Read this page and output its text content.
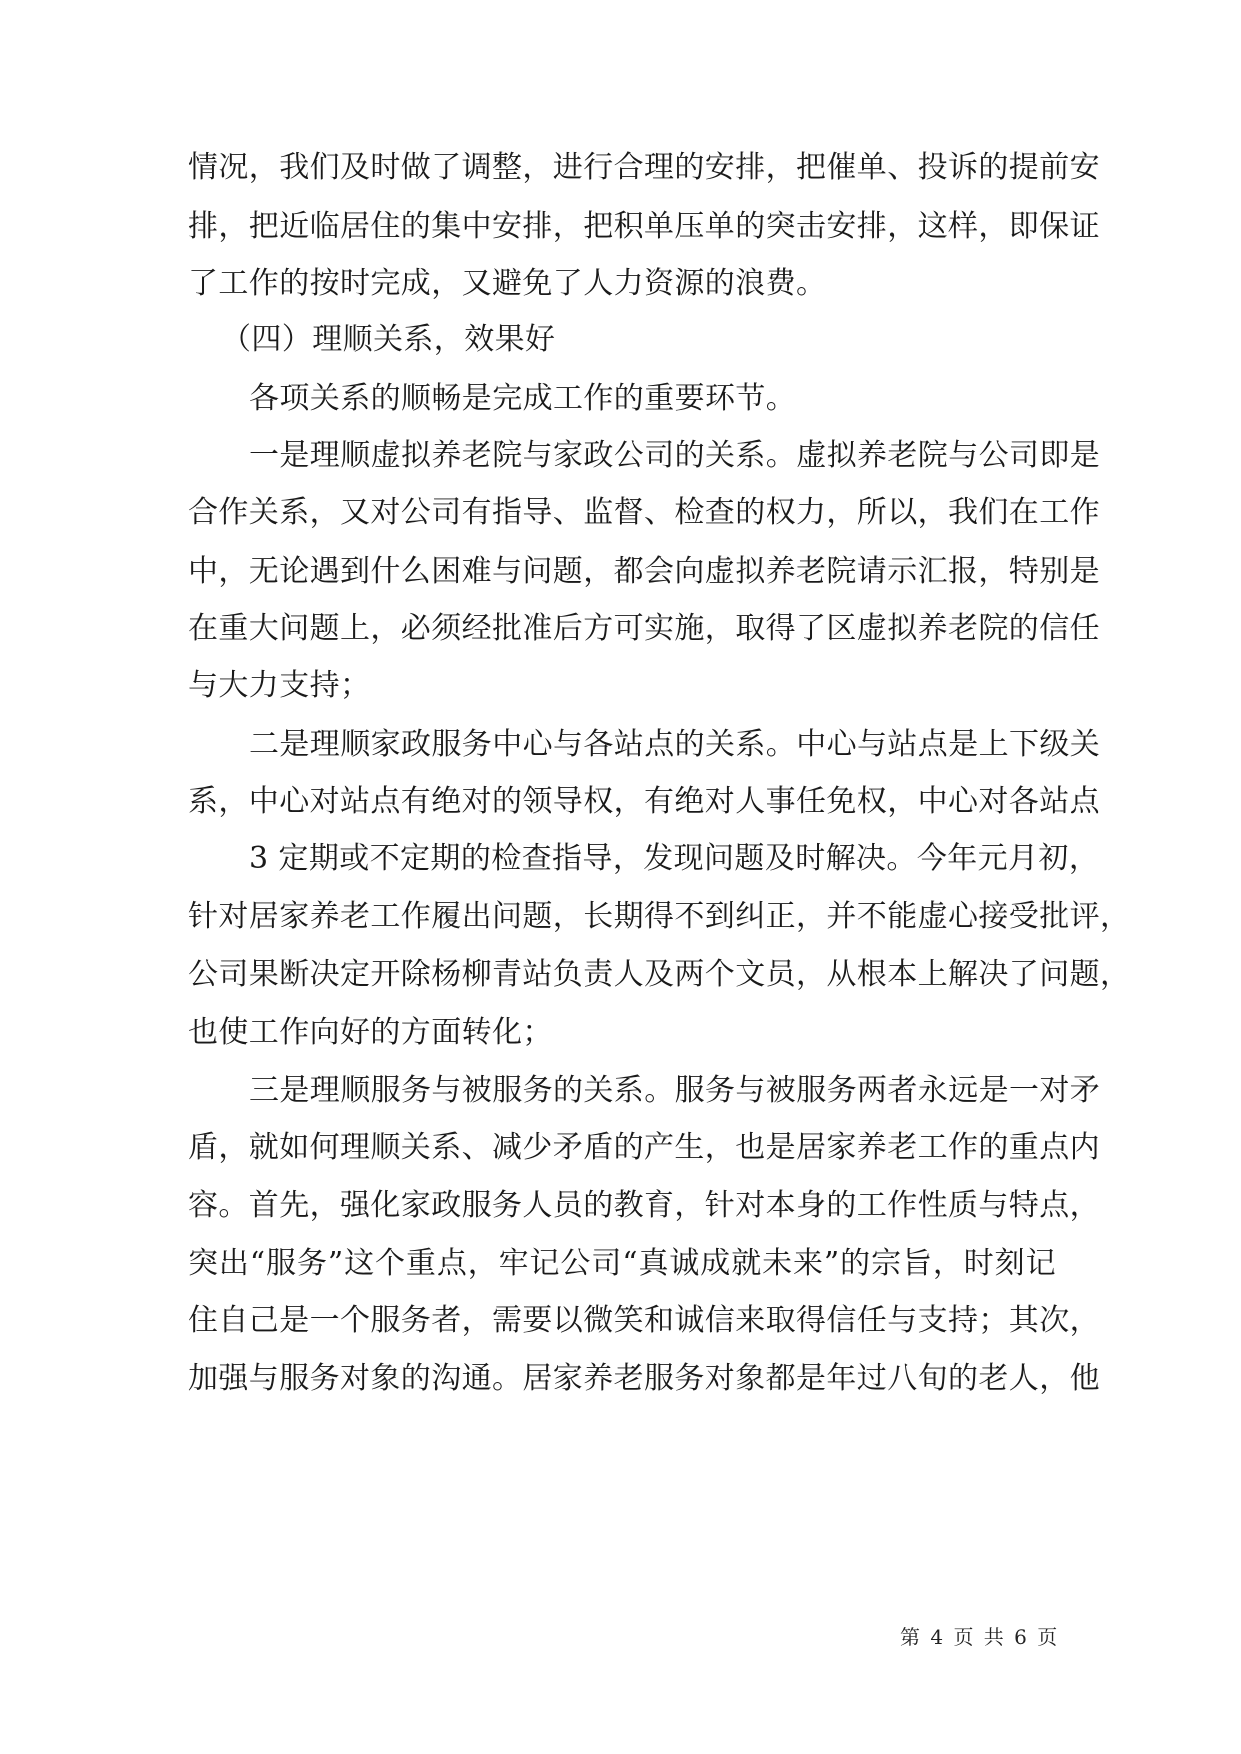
情况，我们及时做了调整，进行合理的安排，把催单、投诉的提前安
排，把近临居住的集中安排，把积单压单的突击安排，这样，即保证
了工作的按时完成，又避免了人力资源的浪费。
（四）理顺关系，效果好
各项关系的顺畅是完成工作的重要环节。
一是理顺虚拟养老院与家政公司的关系。虚拟养老院与公司即是
合作关系，又对公司有指导、监督、检查的权力，所以，我们在工作
中，无论遇到什么困难与问题，都会向虚拟养老院请示汇报，特别是
在重大问题上，必须经批准后方可实施，取得了区虚拟养老院的信任
与大力支持；
二是理顺家政服务中心与各站点的关系。中心与站点是上下级关
系，中心对站点有绝对的领导权，有绝对人事任免权，中心对各站点
3 定期或不定期的检查指导，发现问题及时解决。今年元月初，
针对居家养老工作履出问题，长期得不到纠正，并不能虚心接受批评，
公司果断决定开除杨柳青站负责人及两个文员，从根本上解决了问题，
也使工作向好的方面转化；
三是理顺服务与被服务的关系。服务与被服务两者永远是一对矛
盾，就如何理顺关系、减少矛盾的产生，也是居家养老工作的重点内
容。首先，强化家政服务人员的教育，针对本身的工作性质与特点，
突出“服务”这个重点，牢记公司“真诚成就未来”的宗旨，时刻记
住自己是一个服务者，需要以微笑和诚信来取得信任与支持；其次，
加强与服务对象的沟通。居家养老服务对象都是年过八旬的老人，他
第 4 页 共 6 页
